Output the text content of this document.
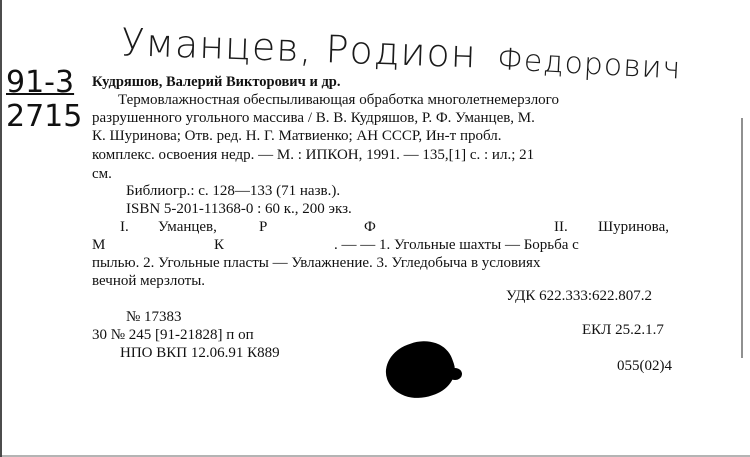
Уманцев, Родион Федорович
91-3
2715
Кудряшов, Валерий Викторович и др.
Термовлажностная обеспыливающая обработка многолетнемерзлого
разрушенного угольного массива / В. В. Кудряшов, Р. Ф. Уманцев, М.
К. Шуринова; Отв. ред. Н. Г. Матвиенко; АН СССР, Ин-т пробл.
комплекс. освоения недр. — М. : ИПКОН, 1991. — 135,[1] с. : ил.; 21
см.
Библиогр.: с. 128—133 (71 назв.).
ISBN 5-201-11368-0 : 60 к., 200 экз.
I. Уманцев,	Р	Ф	II. Шуринова,
М	К	. — — 1. Угольные шахты — Борьба с
пылью. 2. Угольные пласты — Увлажнение. 3. Угледобыча в условиях
вечной мерзлоты.
УДК 622.333:622.807.2
№ 17383
30 № 245 [91-21828] п оп	ЕКЛ 25.2.1.7
НПО ВКП 12.06.91 К889
055(02)4
